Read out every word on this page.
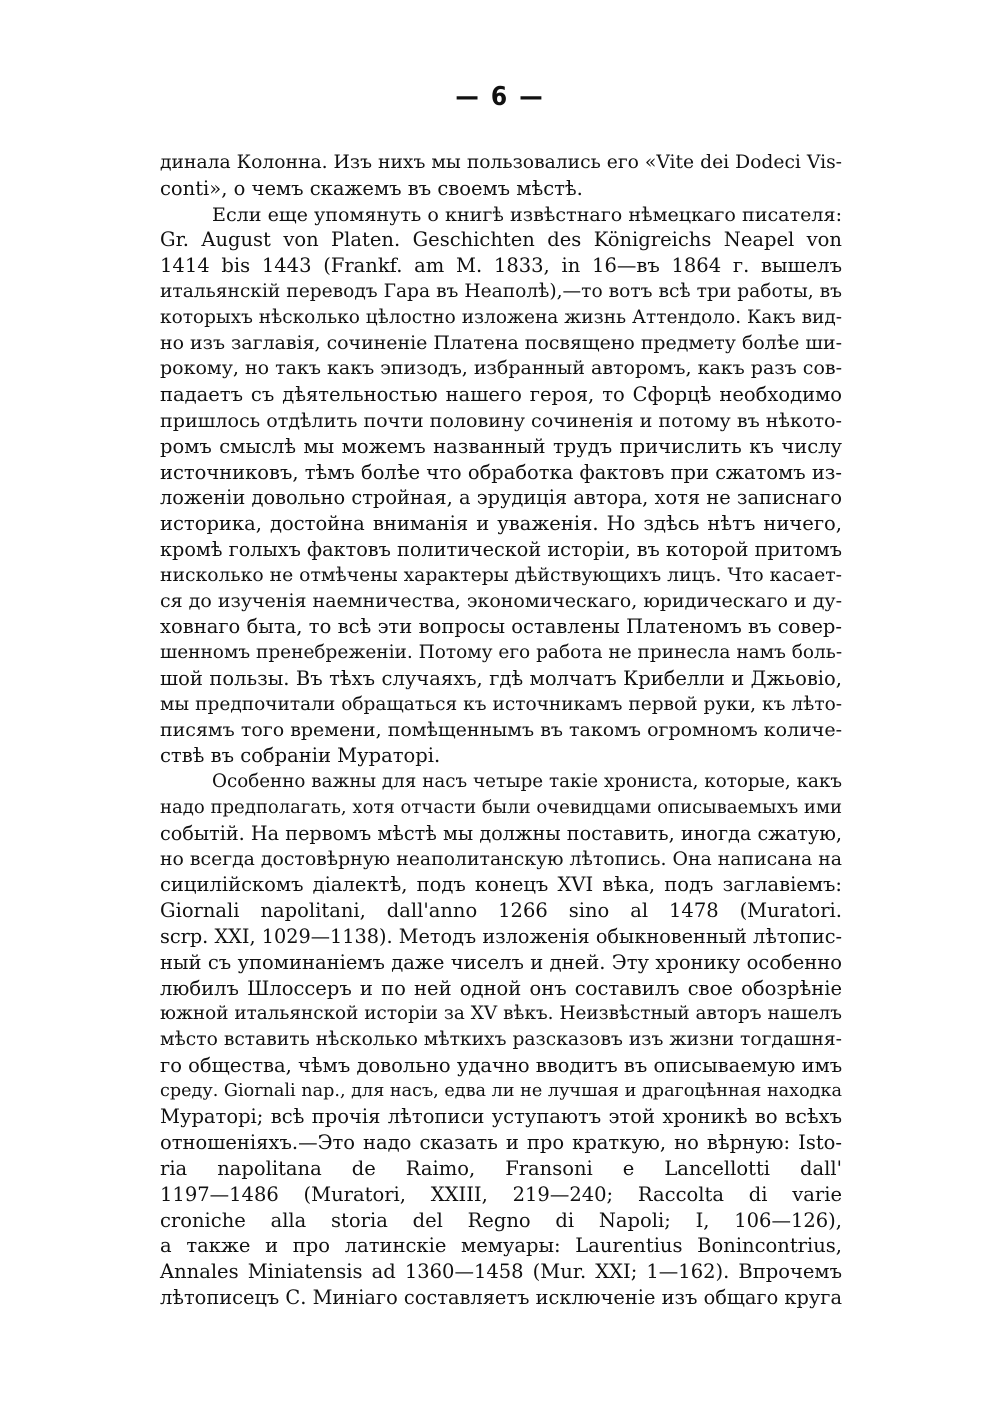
— 6 —
динала Колонна. Изъ нихъ мы пользовались его «Vite dei Dodeci Vis-
conti», о чемъ скажемъ въ своемъ мѣстѣ.
Если еще упомянуть о книгѣ извѣстнаго нѣмецкаго писателя:
Gr. August von Platen. Geschichten des Königreichs Neapel von
1414 bis 1443 (Frankf. am M. 1833, in 16—въ 1864 г. вышелъ
итальянскій переводъ Гара въ Неаполѣ),—то вотъ всѣ три работы, въ
которыхъ нѣсколько цѣлостно изложена жизнь Аттендоло. Какъ вид-
но изъ заглавія, сочиненіе Платена посвящено предмету болѣе ши-
рокому, но такъ какъ эпизодъ, избранный авторомъ, какъ разъ сов-
падаетъ съ дѣятельностью нашего героя, то Сфорцѣ необходимо
пришлось отдѣлить почти половину сочиненія и потому въ нѣкото-
ромъ смыслѣ мы можемъ названный трудъ причислить къ числу
источниковъ, тѣмъ болѣе что обработка фактовъ при сжатомъ из-
ложеніи довольно стройная, а эрудиція автора, хотя не записнаго
историка, достойна вниманія и уваженія. Но здѣсь нѣтъ ничего,
кромѣ голыхъ фактовъ политической исторіи, въ которой притомъ
нисколько не отмѣчены характеры дѣйствующихъ лицъ. Что касает-
ся до изученія наемничества, экономическаго, юридическаго и ду-
ховнаго быта, то всѣ эти вопросы оставлены Платеномъ въ совер-
шенномъ пренебреженіи. Потому его работа не принесла намъ боль-
шой пользы. Въ тѣхъ случаяхъ, гдѣ молчатъ Крибелли и Джьовіо,
мы предпочитали обращаться къ источникамъ первой руки, къ лѣто-
писямъ того времени, помѣщеннымъ въ такомъ огромномъ количе-
ствѣ въ собраніи Мураторі.
Особенно важны для насъ четыре такіе хрониста, которые, какъ
надо предполагать, хотя отчасти были очевидцами описываемыхъ ими
событій. На первомъ мѣстѣ мы должны поставить, иногда сжатую,
но всегда достовѣрную неаполитанскую лѣтопись. Она написана на
сицилійскомъ діалектѣ, подъ конецъ XVI вѣка, подъ заглавіемъ:
Giornali napolitani, dall'anno 1266 sino al 1478 (Muratori.
scrp. XXI, 1029—1138). Методъ изложенія обыкновенный лѣтопис-
ный съ упоминаніемъ даже чиселъ и дней. Эту хронику особенно
любилъ Шлоссеръ и по ней одной онъ составилъ свое обозрѣніе
южной итальянской исторіи за XV вѣкъ. Неизвѣстный авторъ нашелъ
мѣсто вставить нѣсколько мѣткихъ разсказовъ изъ жизни тогдашня-
го общества, чѣмъ довольно удачно вводитъ въ описываемую имъ
среду. Giornali nap., для насъ, едва ли не лучшая и драгоцѣнная находка
Мураторі; всѣ прочія лѣтописи уступаютъ этой хроникѣ во всѣхъ
отношеніяхъ.—Это надо сказать и про краткую, но вѣрную: Isto-
ria napolitana de Raimo, Fransoni e Lancellotti dall'
1197—1486 (Muratori, XXIII, 219—240; Raccolta di varie
croniche alla storia del Regno di Napoli; I, 106—126),
а также и про латинскіе мемуары: Laurentius Bonincontrius,
Annales Miniatensis ad 1360—1458 (Mur. XXI; 1—162). Впрочемъ
лѣтописецъ С. Миніаго составляетъ исключеніе изъ общаго круга
